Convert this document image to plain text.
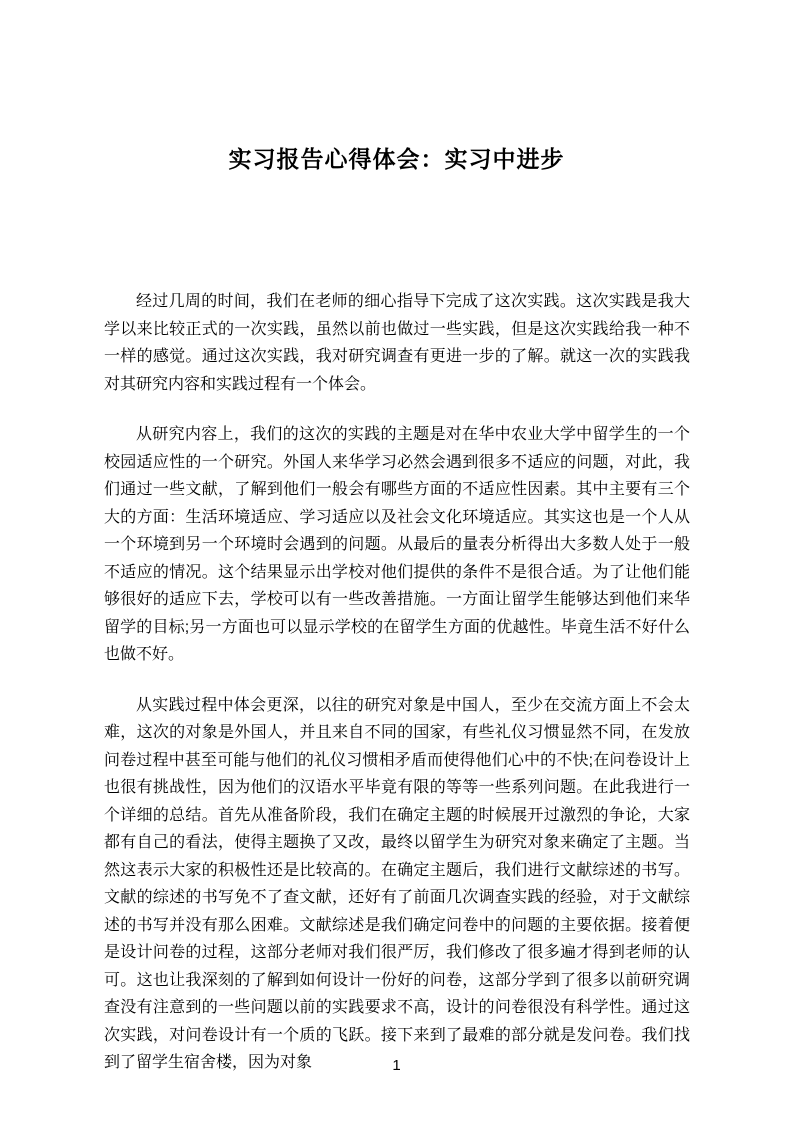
实习报告心得体会：实习中进步

经过几周的时间，我们在老师的细心指导下完成了这次实践。这次实践是我大学以来比较正式的一次实践，虽然以前也做过一些实践，但是这次实践给我一种不一样的感觉。通过这次实践，我对研究调查有更进一步的了解。就这一次的实践我对其研究内容和实践过程有一个体会。

从研究内容上，我们的这次的实践的主题是对在华中农业大学中留学生的一个校园适应性的一个研究。外国人来华学习必然会遇到很多不适应的问题，对此，我们通过一些文献，了解到他们一般会有哪些方面的不适应性因素。其中主要有三个大的方面：生活环境适应、学习适应以及社会文化环境适应。其实这也是一个人从一个环境到另一个环境时会遇到的问题。从最后的量表分析得出大多数人处于一般不适应的情况。这个结果显示出学校对他们提供的条件不是很合适。为了让他们能够很好的适应下去，学校可以有一些改善措施。一方面让留学生能够达到他们来华留学的目标;另一方面也可以显示学校的在留学生方面的优越性。毕竟生活不好什么也做不好。

从实践过程中体会更深，以往的研究对象是中国人，至少在交流方面上不会太难，这次的对象是外国人，并且来自不同的国家，有些礼仪习惯显然不同，在发放问卷过程中甚至可能与他们的礼仪习惯相矛盾而使得他们心中的不快;在问卷设计上也很有挑战性，因为他们的汉语水平毕竟有限的等等一些系列问题。在此我进行一个详细的总结。首先从准备阶段，我们在确定主题的时候展开过激烈的争论，大家都有自己的看法，使得主题换了又改，最终以留学生为研究对象来确定了主题。当然这表示大家的积极性还是比较高的。在确定主题后，我们进行文献综述的书写。文献的综述的书写免不了查文献，还好有了前面几次调查实践的经验，对于文献综述的书写并没有那么困难。文献综述是我们确定问卷中的问题的主要依据。接着便是设计问卷的过程，这部分老师对我们很严厉，我们修改了很多遍才得到老师的认可。这也让我深刻的了解到如何设计一份好的问卷，这部分学到了很多以前研究调查没有注意到的一些问题以前的实践要求不高，设计的问卷很没有科学性。通过这次实践，对问卷设计有一个质的飞跃。接下来到了最难的部分就是发问卷。我们找到了留学生宿舍楼，因为对象	1
